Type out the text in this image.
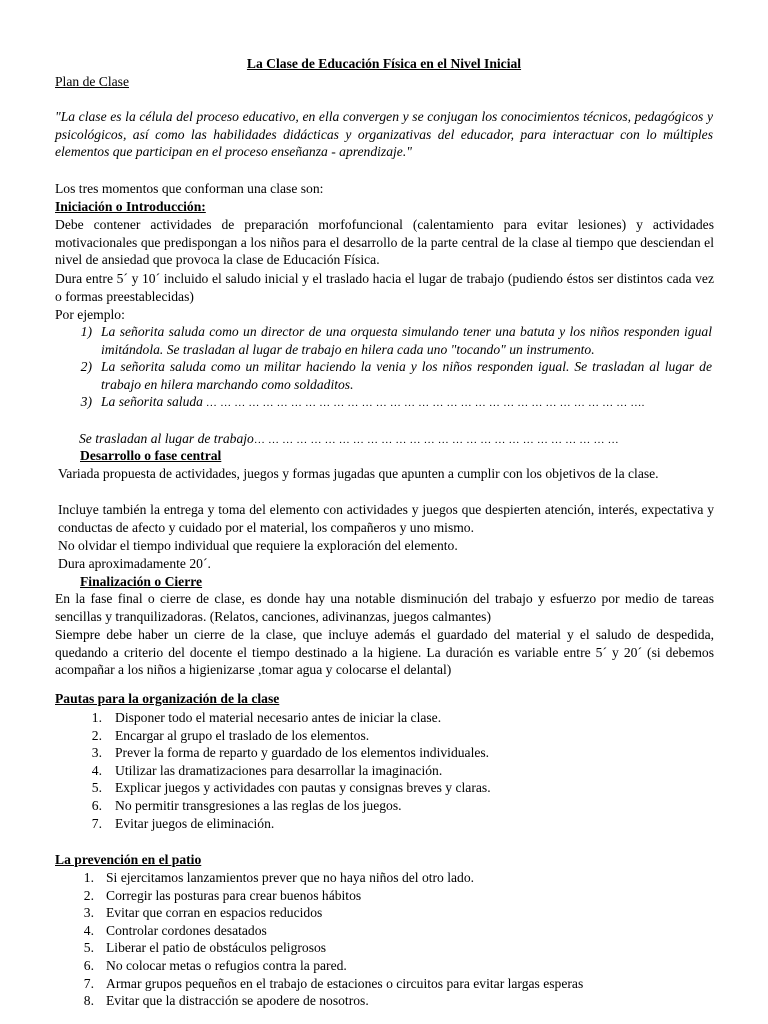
La Clase de Educación Física en el Nivel Inicial
Plan de Clase

"La clase es la célula del proceso educativo, en ella convergen y se conjugan los conocimientos técnicos, pedagógicos y psicológicos, así como las habilidades didácticas y organizativas del educador, para interactuar con lo múltiples elementos que participan en el proceso enseñanza - aprendizaje."

Los tres momentos que conforman una clase son:
Iniciación o Introducción:

Debe contener actividades de preparación morfofuncional (calentamiento para evitar lesiones) y actividades motivacionales que predispongan a los niños para el desarrollo de la parte central de la clase al tiempo que desciendan el nivel de ansiedad que provoca la clase de Educación Física.

Dura entre 5´ y 10´ incluido el saludo inicial y el traslado hacia el lugar de trabajo (pudiendo éstos ser distintos cada vez o formas preestablecidas)

Por ejemplo:
1) La señorita saluda como un director de una orquesta simulando tener una batuta y los niños responden igual imitándola. Se trasladan al lugar de trabajo en hilera cada uno "tocando" un instrumento.
2) La señorita saluda como un militar haciendo la venia y los niños responden igual. Se trasladan al lugar de trabajo en hilera marchando como soldaditos.
3) La señorita saluda … … … … … … … … … … … … … … … … … … … … … … … … … … … … … … ….
Se trasladan al lugar de trabajo… … … … … … … … … … … … … … … … … … … … … … … … … …
Desarrollo o fase central

Variada propuesta de actividades, juegos y formas jugadas que apunten a cumplir con los objetivos de la clase.

Incluye también la entrega y toma del elemento con actividades y juegos que despierten atención, interés, expectativa y conductas de afecto y cuidado por el material, los compañeros y uno mismo.

No olvidar el tiempo individual que requiere la exploración del elemento.
Dura aproximadamente 20´.
Finalización o Cierre

En la fase final o cierre de clase, es donde hay una notable disminución del trabajo y esfuerzo por medio de tareas sencillas y tranquilizadoras. (Relatos, canciones, adivinanzas, juegos calmantes)

Siempre debe haber un cierre de la clase, que incluye además el guardado del material y el saludo de despedida, quedando a criterio del docente el tiempo destinado a la higiene. La duración es variable entre 5´ y 20´ (si debemos acompañar a los niños a higienizarse ,tomar agua y colocarse el delantal)

Pautas para la organización de la clase
1. Disponer todo el material necesario antes de iniciar la clase.
2. Encargar al grupo el traslado de los elementos.
3. Prever la forma de reparto y guardado de los elementos individuales.
4. Utilizar las dramatizaciones para desarrollar la imaginación.
5. Explicar juegos y actividades con pautas y consignas breves y claras.
6. No permitir transgresiones a las reglas de los juegos.
7. Evitar juegos de eliminación.
La prevención en el patio
1. Si ejercitamos lanzamientos prever que no haya niños del otro lado.
2. Corregir las posturas para crear buenos hábitos
3. Evitar que corran en espacios reducidos
4. Controlar cordones desatados
5. Liberar el patio de obstáculos peligrosos
6. No colocar metas o refugios contra la pared.
7. Armar grupos pequeños en el trabajo de estaciones o circuitos para evitar largas esperas
8. Evitar que la distracción se apodere de nosotros.
